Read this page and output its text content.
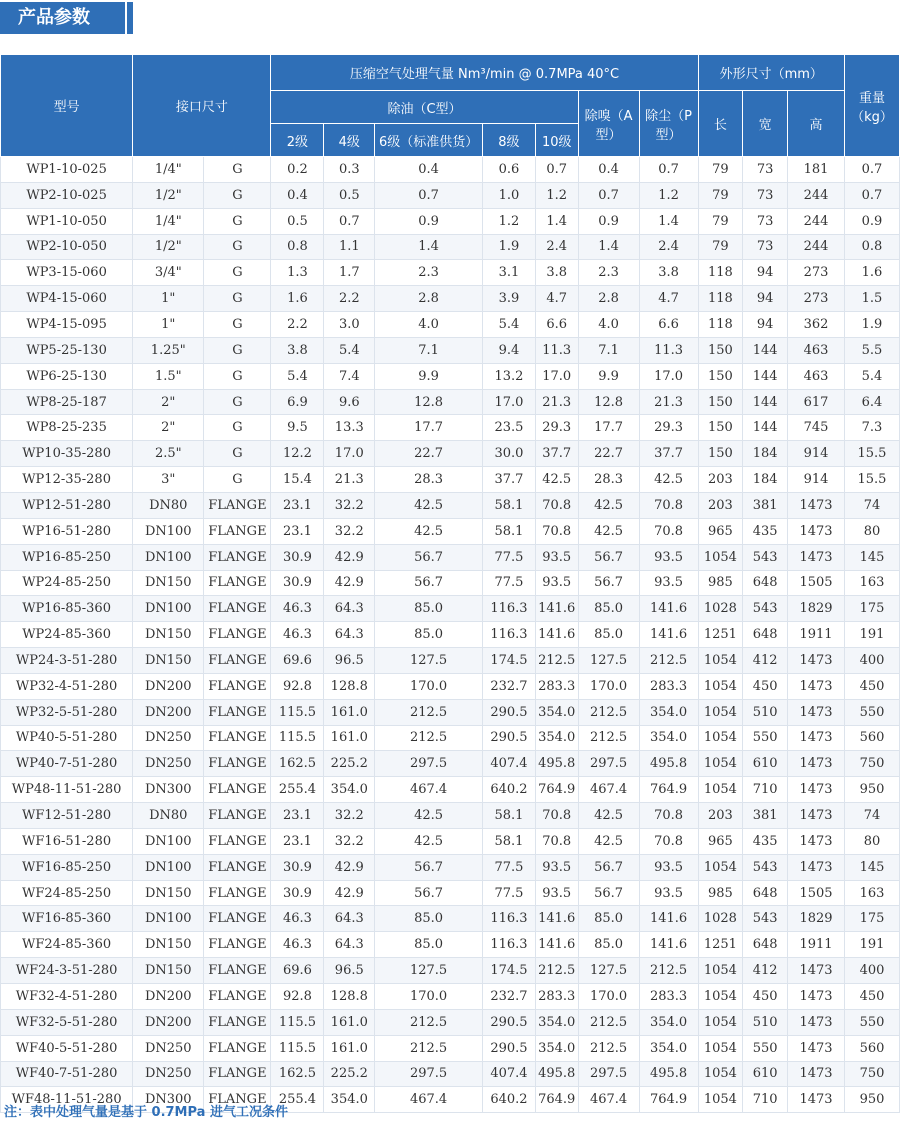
产品参数
型号	接口尺寸		压缩空气处理气量 Nm³/min @ 0.7MPa 40°C							外形尺寸（mm）			重量（kg）
			除油（C型）					除嗅（A型）	除尘（P型）	长	宽	高	
			2级	4级	6级（标准供货）	8级	10级						
WP1-10-025	1/4"	G	0.2	0.3	0.4	0.6	0.7	0.4	0.7	79	73	181	0.7
WP2-10-025	1/2"	G	0.4	0.5	0.7	1.0	1.2	0.7	1.2	79	73	244	0.7
WP1-10-050	1/4"	G	0.5	0.7	0.9	1.2	1.4	0.9	1.4	79	73	244	0.9
WP2-10-050	1/2"	G	0.8	1.1	1.4	1.9	2.4	1.4	2.4	79	73	244	0.8
WP3-15-060	3/4"	G	1.3	1.7	2.3	3.1	3.8	2.3	3.8	118	94	273	1.6
WP4-15-060	1"	G	1.6	2.2	2.8	3.9	4.7	2.8	4.7	118	94	273	1.5
WP4-15-095	1"	G	2.2	3.0	4.0	5.4	6.6	4.0	6.6	118	94	362	1.9
WP5-25-130	1.25"	G	3.8	5.4	7.1	9.4	11.3	7.1	11.3	150	144	463	5.5
WP6-25-130	1.5"	G	5.4	7.4	9.9	13.2	17.0	9.9	17.0	150	144	463	5.4
WP8-25-187	2"	G	6.9	9.6	12.8	17.0	21.3	12.8	21.3	150	144	617	6.4
WP8-25-235	2"	G	9.5	13.3	17.7	23.5	29.3	17.7	29.3	150	144	745	7.3
WP10-35-280	2.5"	G	12.2	17.0	22.7	30.0	37.7	22.7	37.7	150	184	914	15.5
WP12-35-280	3"	G	15.4	21.3	28.3	37.7	42.5	28.3	42.5	203	184	914	15.5
WP12-51-280	DN80	FLANGE	23.1	32.2	42.5	58.1	70.8	42.5	70.8	203	381	1473	74
WP16-51-280	DN100	FLANGE	23.1	32.2	42.5	58.1	70.8	42.5	70.8	965	435	1473	80
WP16-85-250	DN100	FLANGE	30.9	42.9	56.7	77.5	93.5	56.7	93.5	1054	543	1473	145
WP24-85-250	DN150	FLANGE	30.9	42.9	56.7	77.5	93.5	56.7	93.5	985	648	1505	163
WP16-85-360	DN100	FLANGE	46.3	64.3	85.0	116.3	141.6	85.0	141.6	1028	543	1829	175
WP24-85-360	DN150	FLANGE	46.3	64.3	85.0	116.3	141.6	85.0	141.6	1251	648	1911	191
WP24-3-51-280	DN150	FLANGE	69.6	96.5	127.5	174.5	212.5	127.5	212.5	1054	412	1473	400
WP32-4-51-280	DN200	FLANGE	92.8	128.8	170.0	232.7	283.3	170.0	283.3	1054	450	1473	450
WP32-5-51-280	DN200	FLANGE	115.5	161.0	212.5	290.5	354.0	212.5	354.0	1054	510	1473	550
WP40-5-51-280	DN250	FLANGE	115.5	161.0	212.5	290.5	354.0	212.5	354.0	1054	550	1473	560
WP40-7-51-280	DN250	FLANGE	162.5	225.2	297.5	407.4	495.8	297.5	495.8	1054	610	1473	750
WP48-11-51-280	DN300	FLANGE	255.4	354.0	467.4	640.2	764.9	467.4	764.9	1054	710	1473	950
WF12-51-280	DN80	FLANGE	23.1	32.2	42.5	58.1	70.8	42.5	70.8	203	381	1473	74
WF16-51-280	DN100	FLANGE	23.1	32.2	42.5	58.1	70.8	42.5	70.8	965	435	1473	80
WF16-85-250	DN100	FLANGE	30.9	42.9	56.7	77.5	93.5	56.7	93.5	1054	543	1473	145
WF24-85-250	DN150	FLANGE	30.9	42.9	56.7	77.5	93.5	56.7	93.5	985	648	1505	163
WF16-85-360	DN100	FLANGE	46.3	64.3	85.0	116.3	141.6	85.0	141.6	1028	543	1829	175
WF24-85-360	DN150	FLANGE	46.3	64.3	85.0	116.3	141.6	85.0	141.6	1251	648	1911	191
WF24-3-51-280	DN150	FLANGE	69.6	96.5	127.5	174.5	212.5	127.5	212.5	1054	412	1473	400
WF32-4-51-280	DN200	FLANGE	92.8	128.8	170.0	232.7	283.3	170.0	283.3	1054	450	1473	450
WF32-5-51-280	DN200	FLANGE	115.5	161.0	212.5	290.5	354.0	212.5	354.0	1054	510	1473	550
WF40-5-51-280	DN250	FLANGE	115.5	161.0	212.5	290.5	354.0	212.5	354.0	1054	550	1473	560
WF40-7-51-280	DN250	FLANGE	162.5	225.2	297.5	407.4	495.8	297.5	495.8	1054	610	1473	750
WF48-11-51-280	DN300	FLANGE	255.4	354.0	467.4	640.2	764.9	467.4	764.9	1054	710	1473	950
注：表中处理气量是基于 0.7MPa 进气工况条件
